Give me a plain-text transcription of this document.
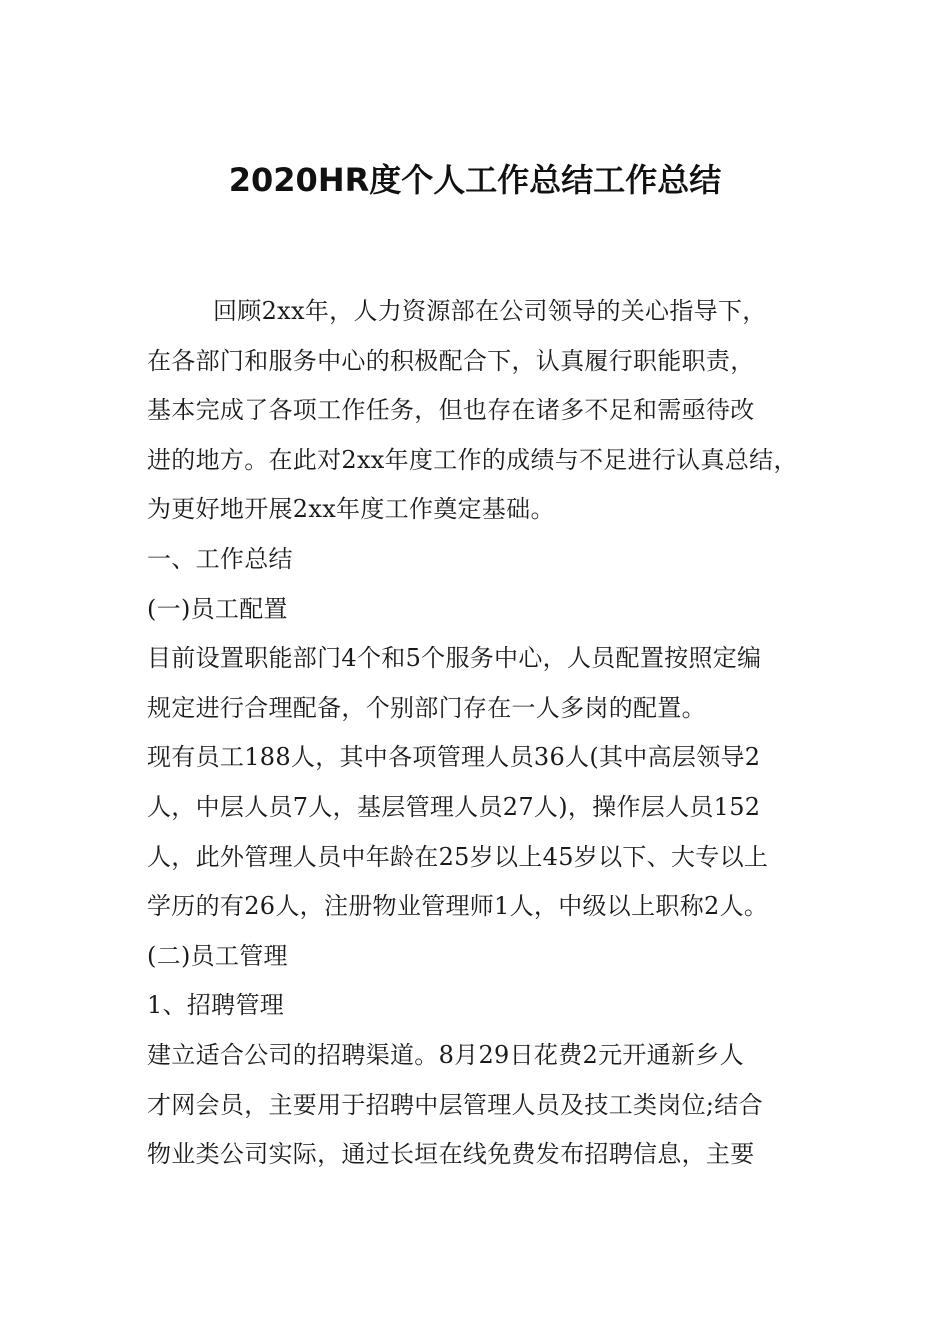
2020HR度个人工作总结工作总结
回顾2xx年，人力资源部在公司领导的关心指导下，
在各部门和服务中心的积极配合下，认真履行职能职责，
基本完成了各项工作任务，但也存在诸多不足和需亟待改
进的地方。在此对2xx年度工作的成绩与不足进行认真总结，
为更好地开展2xx年度工作奠定基础。
一、工作总结
(一)员工配置
目前设置职能部门4个和5个服务中心，人员配置按照定编
规定进行合理配备，个别部门存在一人多岗的配置。
现有员工188人，其中各项管理人员36人(其中高层领导2
人，中层人员7人，基层管理人员27人)，操作层人员152
人，此外管理人员中年龄在25岁以上45岁以下、大专以上
学历的有26人，注册物业管理师1人，中级以上职称2人。
(二)员工管理
1、招聘管理
建立适合公司的招聘渠道。8月29日花费2元开通新乡人
才网会员，主要用于招聘中层管理人员及技工类岗位;结合
物业类公司实际，通过长垣在线免费发布招聘信息，主要
